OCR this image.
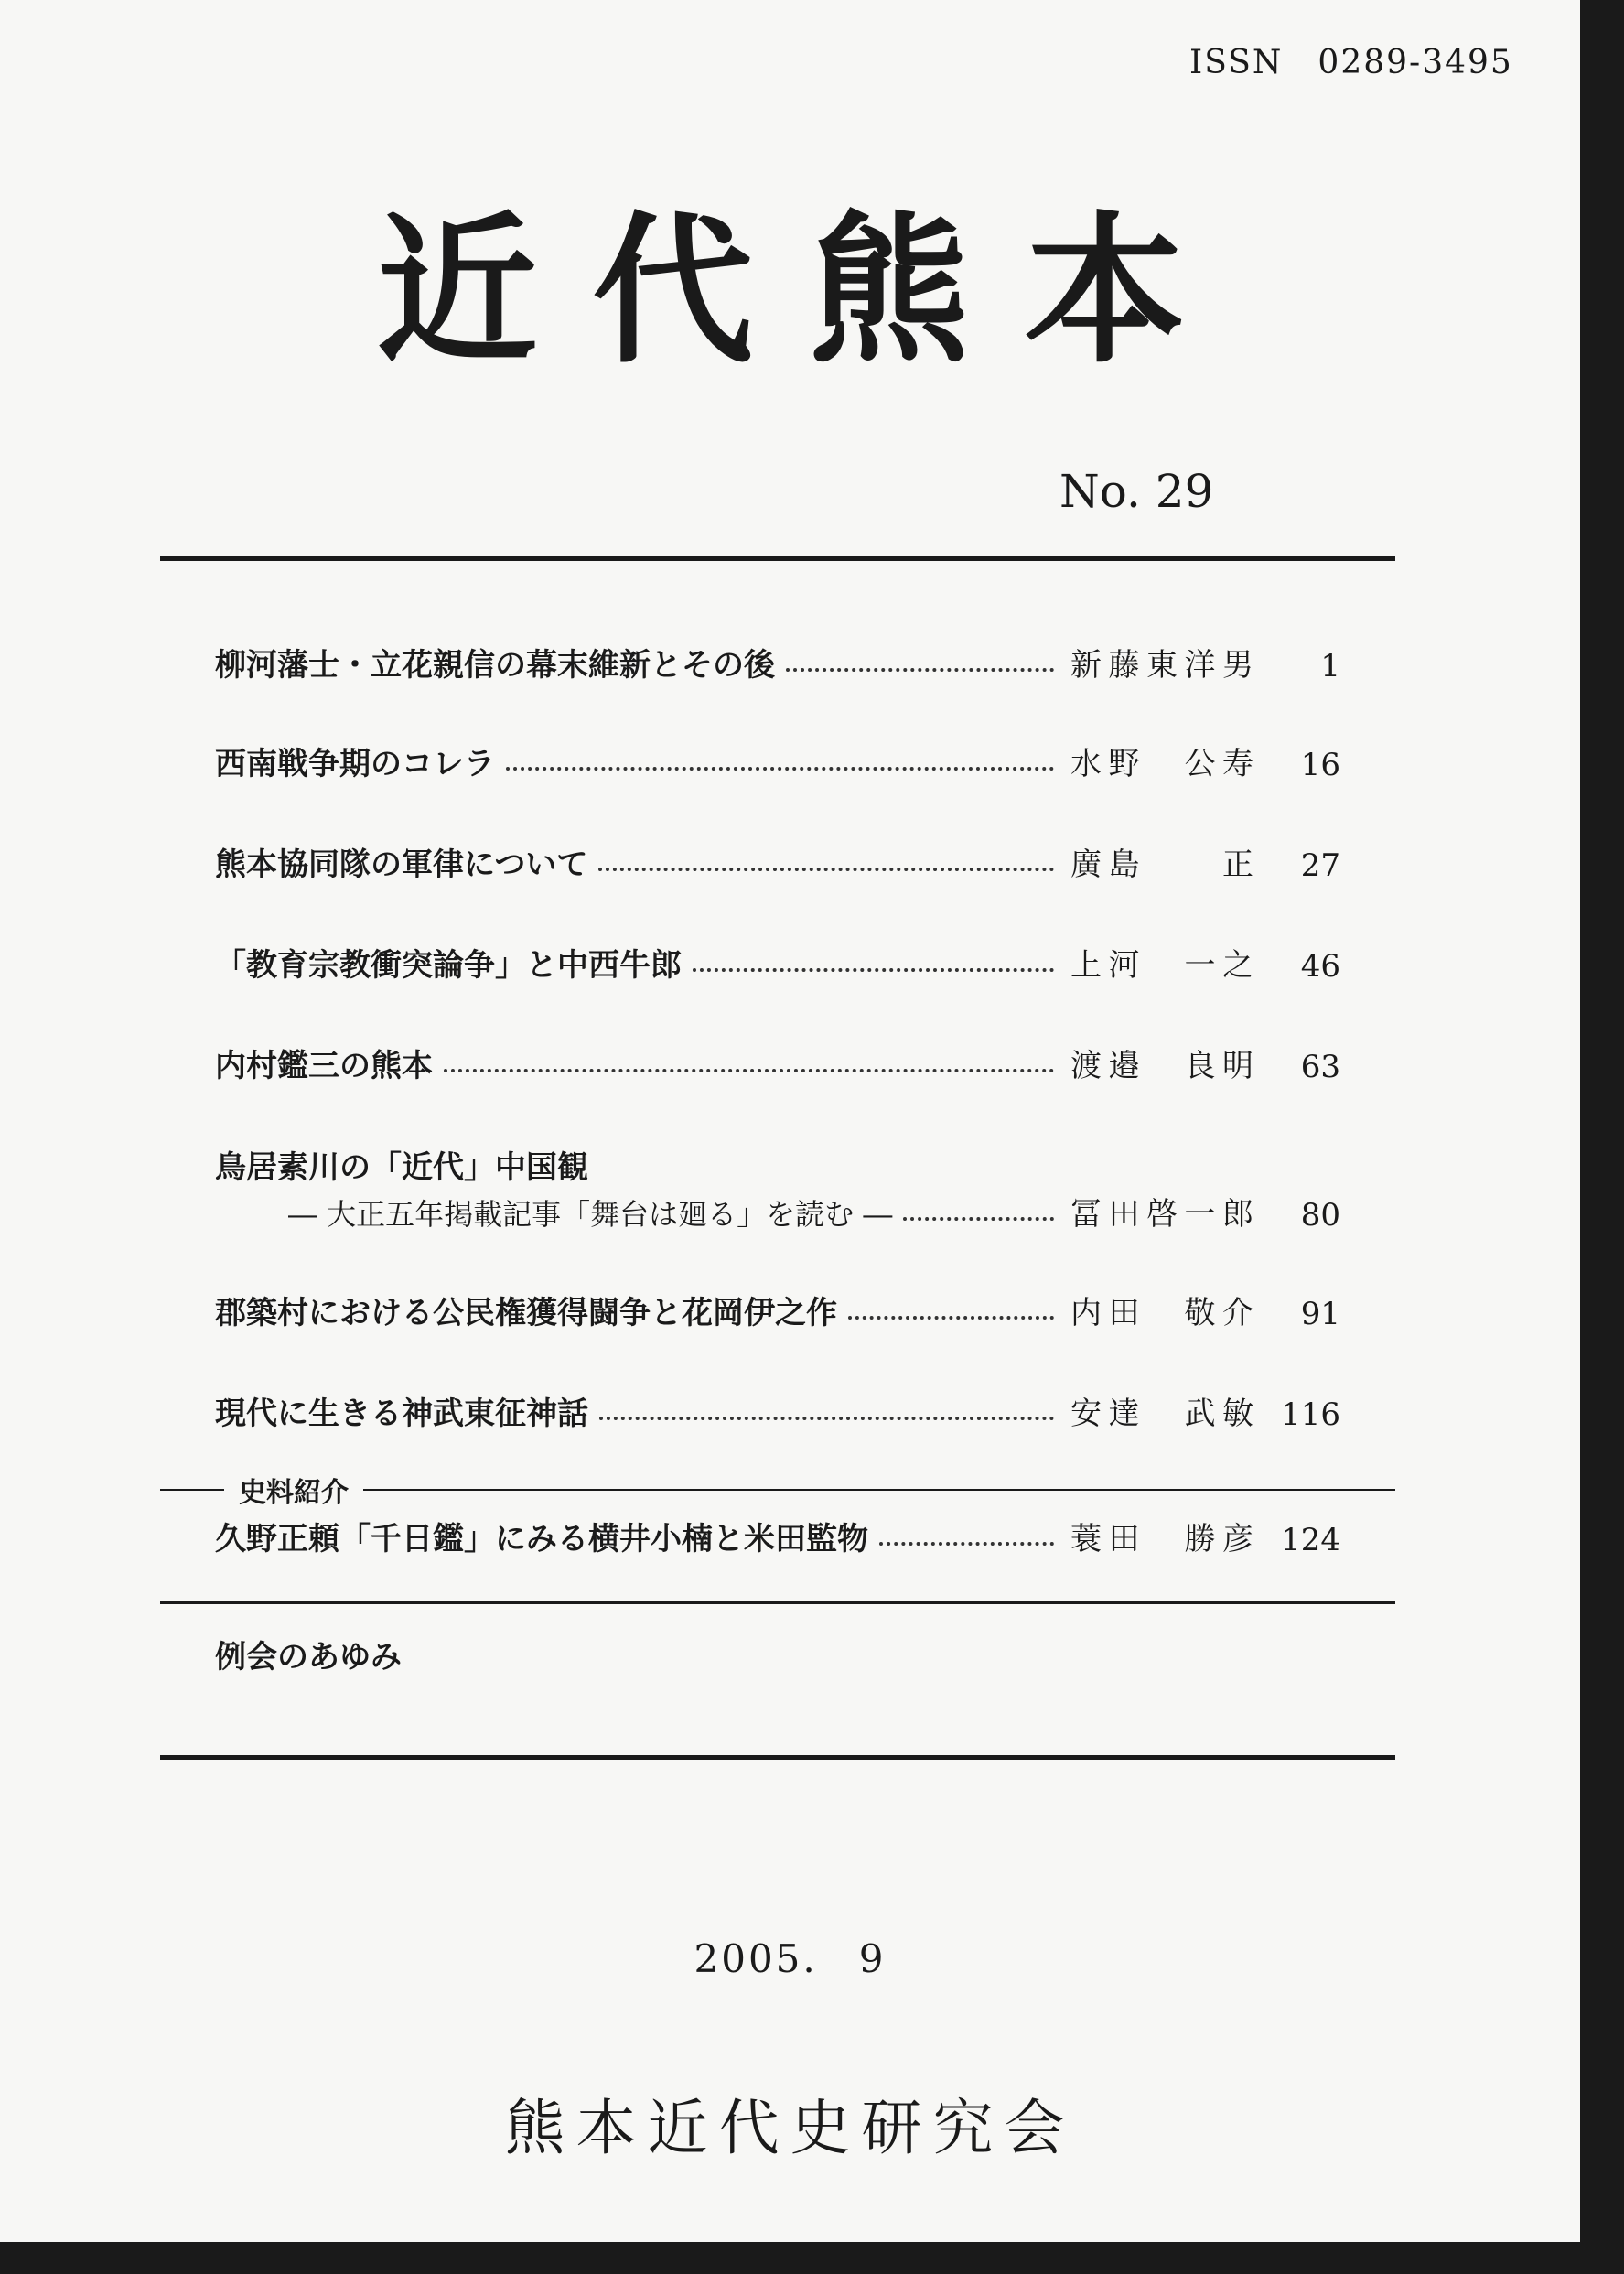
ISSN　0289-3495
近代熊本
No. 29
柳河藩士・立花親信の幕末維新とその後	新藤東洋男	1
西南戦争期のコレラ	水野　公寿	16
熊本協同隊の軍律について	廣島　　正	27
「教育宗教衝突論争」と中西牛郎	上河　一之	46
内村鑑三の熊本	渡邉　良明	63
鳥居素川の「近代」中国観
― 大正五年掲載記事「舞台は廻る」を読む ―	冨田啓一郎	80
郡築村における公民権獲得闘争と花岡伊之作	内田　敬介	91
現代に生きる神武東征神話	安達　武敏 116
史料紹介
久野正頼「千日鑑」にみる横井小楠と米田監物	蓑田　勝彦 124
例会のあゆみ
2005.　9
熊本近代史研究会
